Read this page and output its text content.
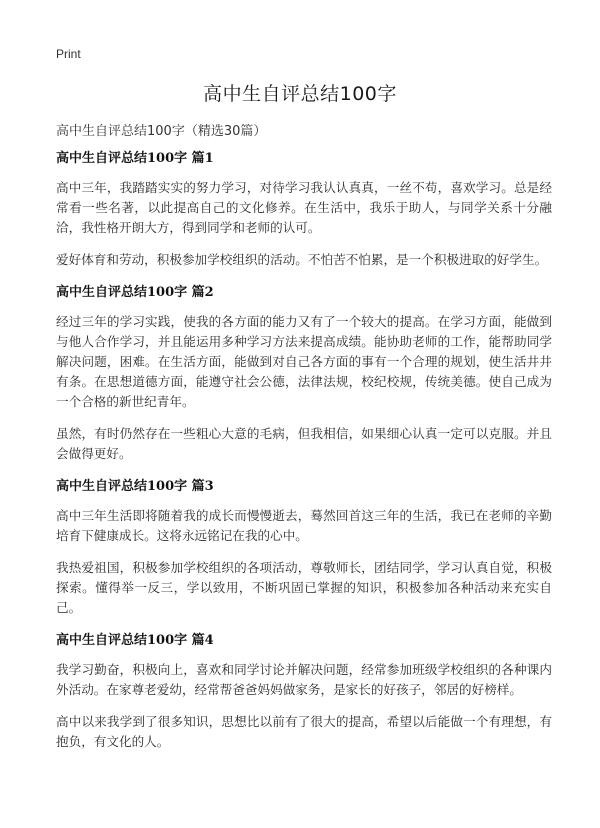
Print
高中生自评总结100字
高中生自评总结100字（精选30篇）
高中生自评总结100字 篇1

高中三年，我踏踏实实的努力学习，对待学习我认认真真，一丝不苟，喜欢学习。总是经常看一些名著，以此提高自己的文化修养。在生活中，我乐于助人，与同学关系十分融洽，我性格开朗大方，得到同学和老师的认可。

爱好体育和劳动，积极参加学校组织的活动。不怕苦不怕累，是一个积极进取的好学生。

高中生自评总结100字 篇2

经过三年的学习实践，使我的各方面的能力又有了一个较大的提高。在学习方面，能做到与他人合作学习，并且能运用多种学习方法来提高成绩。能协助老师的工作，能帮助同学解决问题，困难。在生活方面，能做到对自己各方面的事有一个合理的规划，使生活井井有条。在思想道德方面，能遵守社会公德，法律法规，校纪校规，传统美德。使自己成为一个合格的新世纪青年。

虽然，有时仍然存在一些粗心大意的毛病，但我相信，如果细心认真一定可以克服。并且会做得更好。

高中生自评总结100字 篇3

高中三年生活即将随着我的成长而慢慢逝去，蓦然回首这三年的生活，我已在老师的辛勤培育下健康成长。这将永远铭记在我的心中。

我热爱祖国，积极参加学校组织的各项活动，尊敬师长，团结同学，学习认真自觉，积极探索。懂得举一反三，学以致用，不断巩固已掌握的知识，积极参加各种活动来充实自己。

高中生自评总结100字 篇4

我学习勤奋，积极向上，喜欢和同学讨论并解决问题，经常参加班级学校组织的各种课内外活动。在家尊老爱幼，经常帮爸爸妈妈做家务，是家长的好孩子，邻居的好榜样。

高中以来我学到了很多知识，思想比以前有了很大的提高，希望以后能做一个有理想，有抱负，有文化的人。
